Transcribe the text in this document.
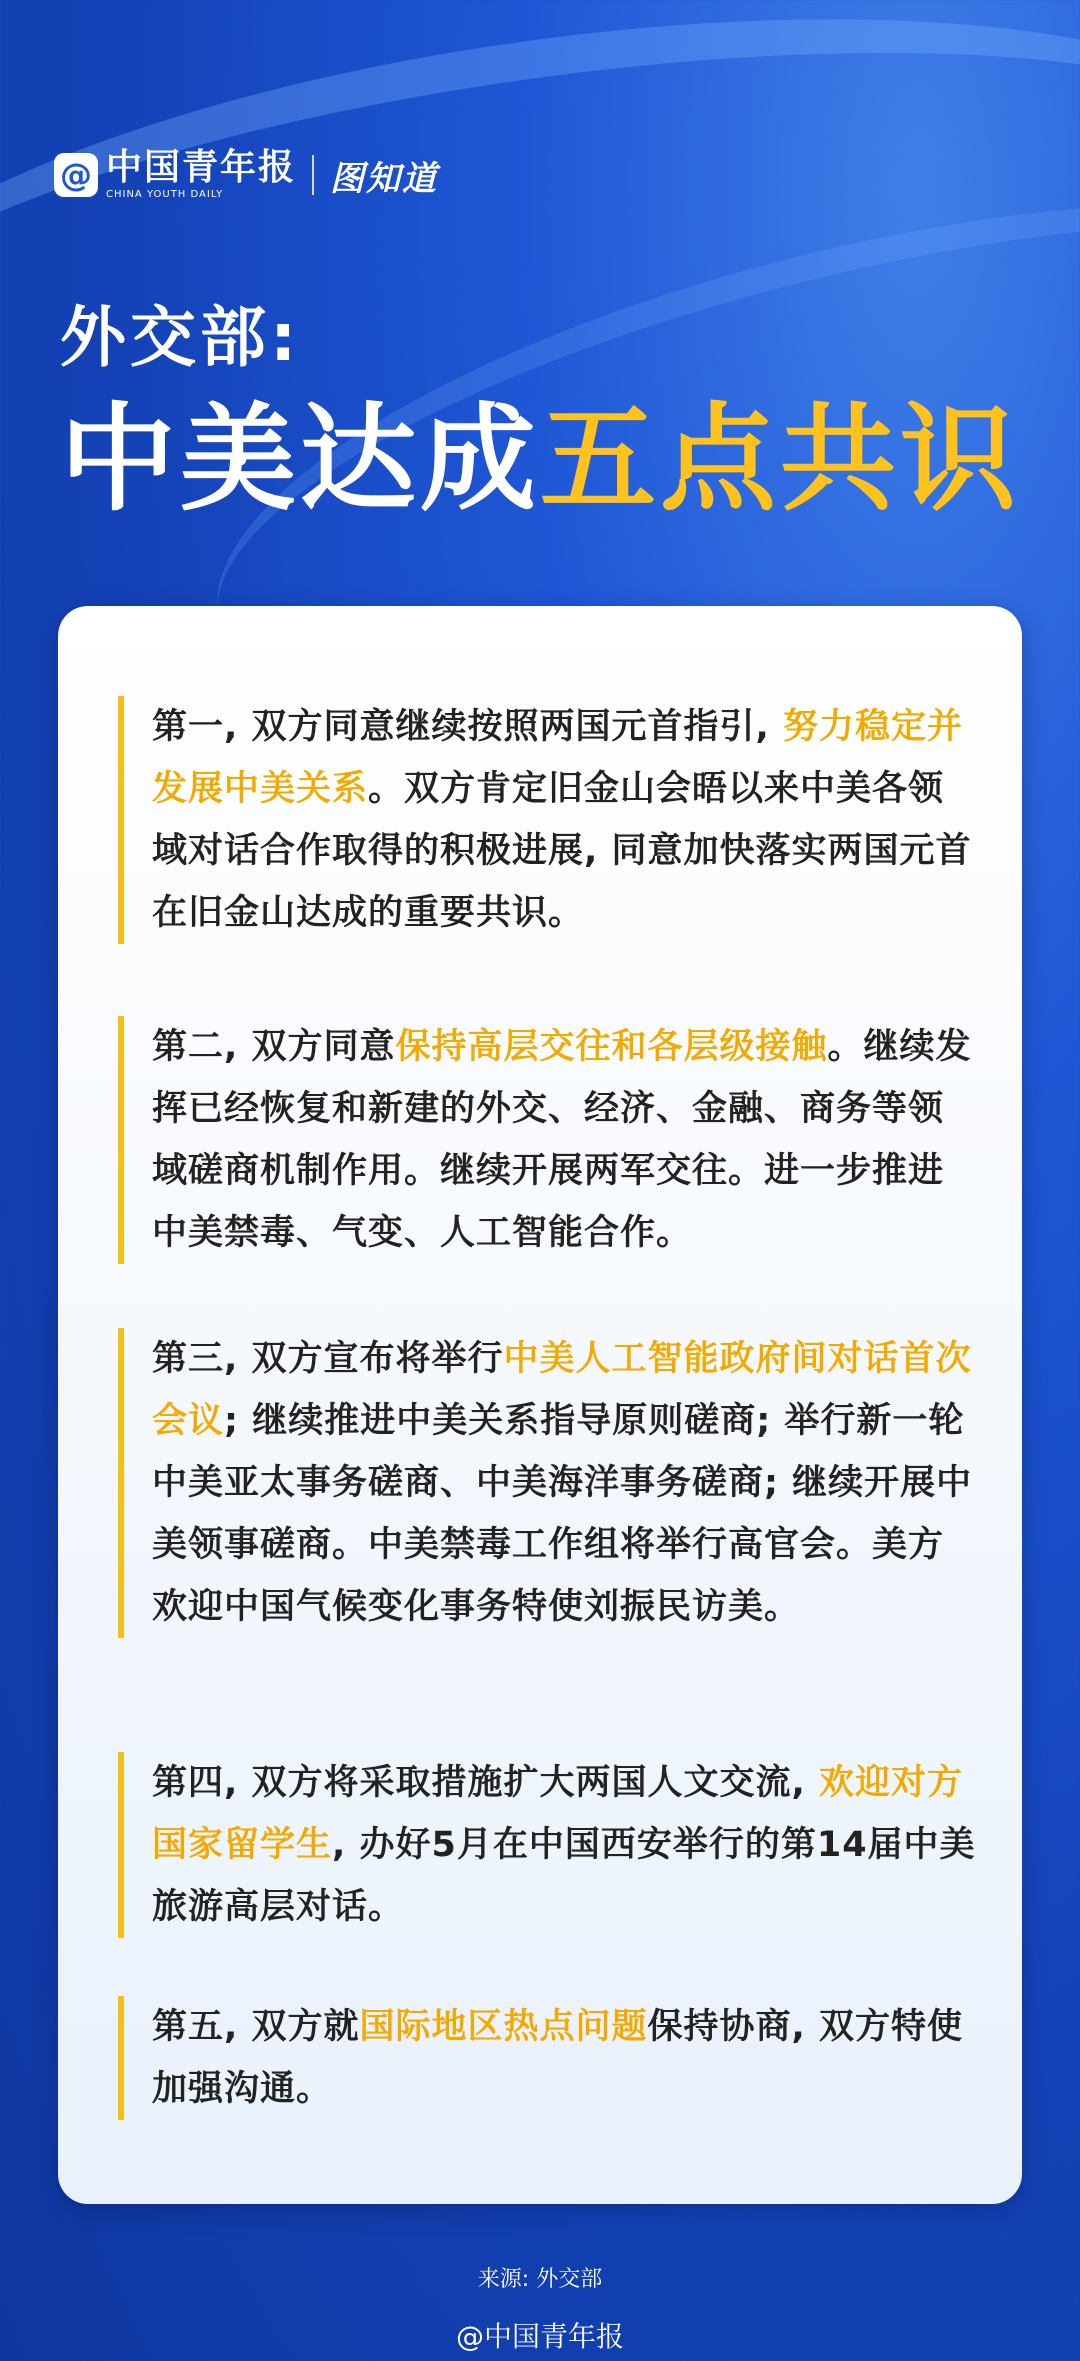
@ 中国青年报
CHINA YOUTH DAILY	图知道
外交部:
中美达成五点共识
第一, 双方同意继续按照两国元首指引, 努力稳定并发展中美关系。双方肯定旧金山会晤以来中美各领域对话合作取得的积极进展, 同意加快落实两国元首在旧金山达成的重要共识。
第二, 双方同意保持高层交往和各层级接触。继续发挥已经恢复和新建的外交、经济、金融、商务等领域磋商机制作用。继续开展两军交往。进一步推进中美禁毒、气变、人工智能合作。
第三, 双方宣布将举行中美人工智能政府间对话首次会议; 继续推进中美关系指导原则磋商; 举行新一轮中美亚太事务磋商、中美海洋事务磋商; 继续开展中美领事磋商。中美禁毒工作组将举行高官会。美方欢迎中国气候变化事务特使刘振民访美。
第四, 双方将采取措施扩大两国人文交流, 欢迎对方国家留学生, 办好5月在中国西安举行的第14届中美旅游高层对话。
第五, 双方就国际地区热点问题保持协商, 双方特使加强沟通。
来源: 外交部
@中国青年报
